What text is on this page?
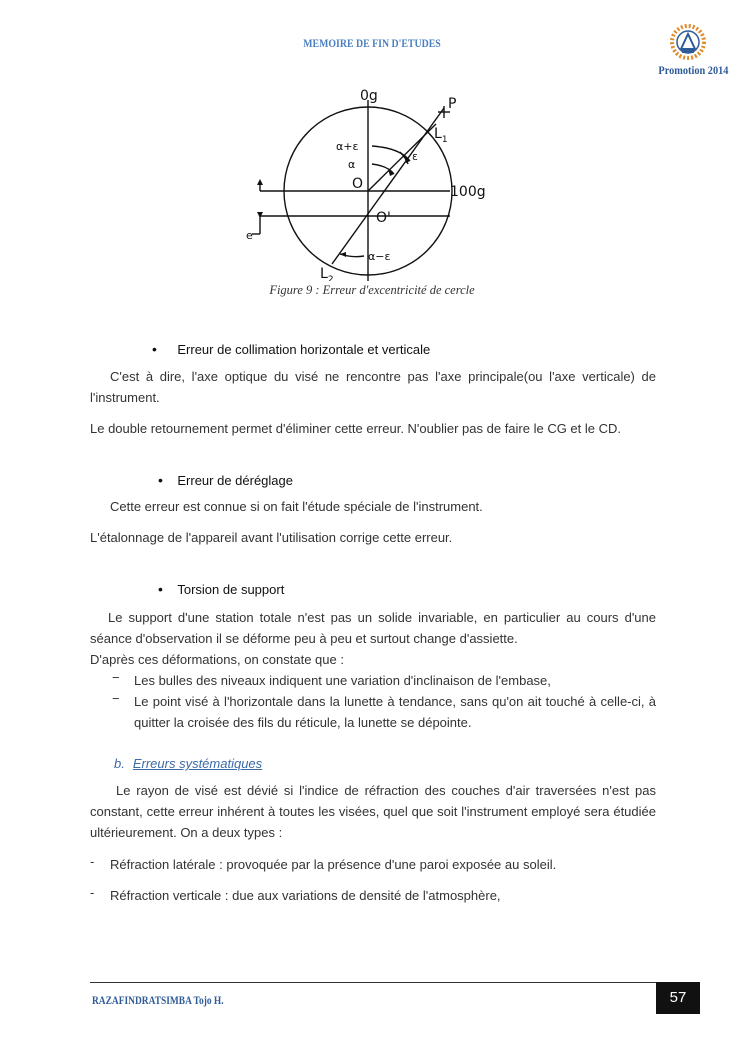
MEMOIRE DE FIN D'ETUDES
Promotion 2014
0g
100g
P
$L_1$
$L_2$
O
O'
e
α+ε
α
ε
α−ε
Figure 9 : Erreur d'excentricité de cercle
• Erreur de collimation horizontale et verticale
C'est à dire, l'axe optique du visé ne rencontre pas l'axe principale(ou l'axe verticale) de l'instrument.
Le double retournement permet d'éliminer cette erreur. N'oublier pas de faire le CG et le CD.
• Erreur de déréglage
Cette erreur est connue si on fait l'étude spéciale de l'instrument.
L'étalonnage de l'appareil avant l'utilisation corrige cette erreur.
• Torsion de support
Le support d'une station totale n'est pas un solide invariable, en particulier au cours d'une séance d'observation il se déforme peu à peu et surtout change d'assiette.
D'après ces déformations, on constate que :
− Les bulles des niveaux indiquent une variation d'inclinaison de l'embase,
− Le point visé à l'horizontale dans la lunette à tendance, sans qu'on ait touché à celle-ci, à quitter la croisée des fils du réticule, la lunette se dépointe.
b. Erreurs systématiques
Le rayon de visé est dévié si l'indice de réfraction des couches d'air traversées n'est pas constant, cette erreur inhérent à toutes les visées, quel que soit l'instrument employé sera étudiée ultérieurement. On a deux types :
- Réfraction latérale : provoquée par la présence d'une paroi exposée au soleil.
- Réfraction verticale : due aux variations de densité de l'atmosphère,
RAZAFINDRATSIMBA Tojo H.	57
